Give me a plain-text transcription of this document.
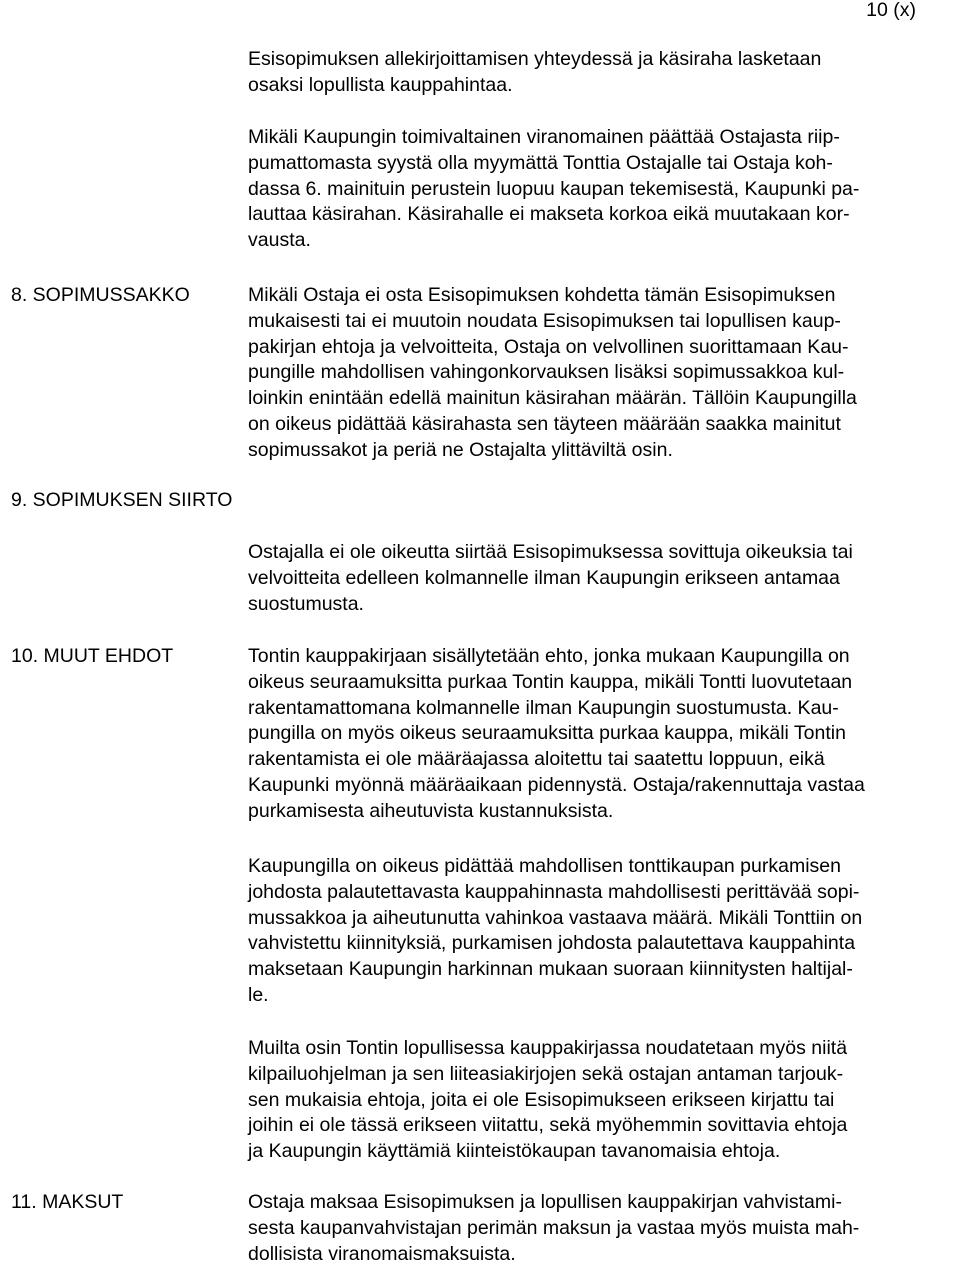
10 (x)

Esisopimuksen allekirjoittamisen yhteydessä ja käsiraha lasketaan
osaksi lopullista kauppahintaa.

Mikäli Kaupungin toimivaltainen viranomainen päättää Ostajasta riip-
pumattomasta syystä olla myymättä Tonttia Ostajalle tai Ostaja koh-
dassa 6. mainituin perustein luopuu kaupan tekemisestä, Kaupunki pa-
lauttaa käsirahan. Käsirahalle ei makseta korkoa eikä muutakaan kor-
vausta.

8. SOPIMUSSAKKO	Mikäli Ostaja ei osta Esisopimuksen kohdetta tämän Esisopimuksen
mukaisesti tai ei muutoin noudata Esisopimuksen tai lopullisen kaup-
pakirjan ehtoja ja velvoitteita, Ostaja on velvollinen suorittamaan Kau-
pungille mahdollisen vahingonkorvauksen lisäksi sopimussakkoa kul-
loinkin enintään edellä mainitun käsirahan määrän. Tällöin Kaupungilla
on oikeus pidättää käsirahasta sen täyteen määrään saakka mainitut
sopimussakot ja periä ne Ostajalta ylittäviltä osin.

9. SOPIMUKSEN SIIRTO

Ostajalla ei ole oikeutta siirtää Esisopimuksessa sovittuja oikeuksia tai
velvoitteita edelleen kolmannelle ilman Kaupungin erikseen antamaa
suostumusta.

10. MUUT EHDOT	Tontin kauppakirjaan sisällytetään ehto, jonka mukaan Kaupungilla on
oikeus seuraamuksitta purkaa Tontin kauppa, mikäli Tontti luovutetaan
rakentamattomana kolmannelle ilman Kaupungin suostumusta. Kau-
pungilla on myös oikeus seuraamuksitta purkaa kauppa, mikäli Tontin
rakentamista ei ole määräajassa aloitettu tai saatettu loppuun, eikä
Kaupunki myönnä määräaikaan pidennystä. Ostaja/rakennuttaja vastaa
purkamisesta aiheutuvista kustannuksista.

Kaupungilla on oikeus pidättää mahdollisen tonttikaupan purkamisen
johdosta palautettavasta kauppahinnasta mahdollisesti perittävää sopi-
mussakkoa ja aiheutunutta vahinkoa vastaava määrä. Mikäli Tonttiin on
vahvistettu kiinnityksiä, purkamisen johdosta palautettava kauppahinta
maksetaan Kaupungin harkinnan mukaan suoraan kiinnitysten haltijal-
le.

Muilta osin Tontin lopullisessa kauppakirjassa noudatetaan myös niitä
kilpailuohjelman ja sen liiteasiakirjojen sekä ostajan antaman tarjouk-
sen mukaisia ehtoja, joita ei ole Esisopimukseen erikseen kirjattu tai
joihin ei ole tässä erikseen viitattu, sekä myöhemmin sovittavia ehtoja
ja Kaupungin käyttämiä kiinteistökaupan tavanomaisia ehtoja.

11. MAKSUT	Ostaja maksaa Esisopimuksen ja lopullisen kauppakirjan vahvistami-
sesta kaupanvahvistajan perimän maksun ja vastaa myös muista mah-
dollisista viranomaismaksuista.
